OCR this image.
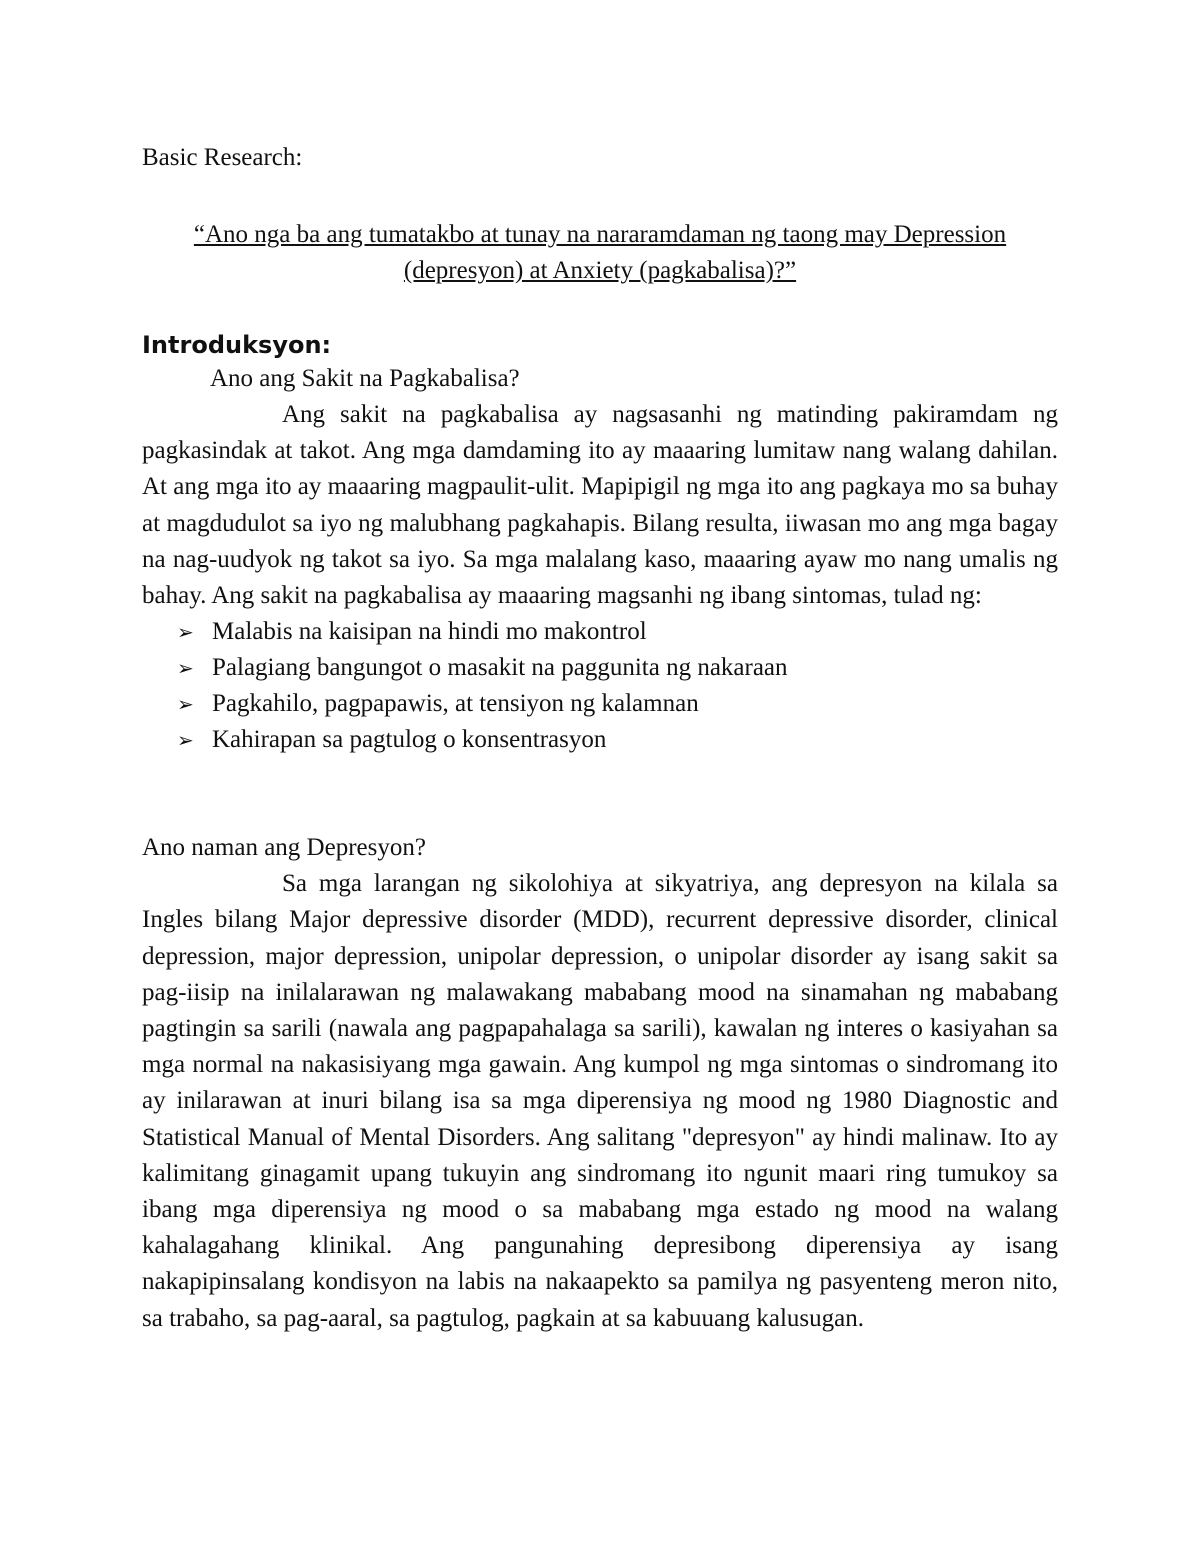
Basic Research:

“Ano nga ba ang tumatakbo at tunay na nararamdaman ng taong may Depression
(depresyon) at Anxiety (pagkabalisa)?”
Introduksyon:

Ano ang Sakit na Pagkabalisa?

Ang sakit na pagkabalisa ay nagsasanhi ng matinding pakiramdam ng pagkasindak at takot. Ang mga damdaming ito ay maaaring lumitaw nang walang dahilan. At ang mga ito ay maaaring magpaulit-ulit. Mapipigil ng mga ito ang pagkaya mo sa buhay at magdudulot sa iyo ng malubhang pagkahapis. Bilang resulta, iiwasan mo ang mga bagay na nag-uudyok ng takot sa iyo. Sa mga malalang kaso, maaaring ayaw mo nang umalis ng bahay. Ang sakit na pagkabalisa ay maaaring magsanhi ng ibang sintomas, tulad ng:

➢ Malabis na kaisipan na hindi mo makontrol
➢ Palagiang bangungot o masakit na paggunita ng nakaraan
➢ Pagkahilo, pagpapawis, at tensiyon ng kalamnan
➢ Kahirapan sa pagtulog o konsentrasyon

Ano naman ang Depresyon?

Sa mga larangan ng sikolohiya at sikyatriya, ang depresyon na kilala sa Ingles bilang Major depressive disorder (MDD), recurrent depressive disorder, clinical depression, major depression, unipolar depression, o unipolar disorder ay isang sakit sa pag-iisip na inilalarawan ng malawakang mababang mood na sinamahan ng mababang pagtingin sa sarili (nawala ang pagpapahalaga sa sarili), kawalan ng interes o kasiyahan sa mga normal na nakasisiyang mga gawain. Ang kumpol ng mga sintomas o sindromang ito ay inilarawan at inuri bilang isa sa mga diperensiya ng mood ng 1980 Diagnostic and Statistical Manual of Mental Disorders. Ang salitang "depresyon" ay hindi malinaw. Ito ay kalimitang ginagamit upang tukuyin ang sindromang ito ngunit maari ring tumukoy sa ibang mga diperensiya ng mood o sa mababang mga estado ng mood na walang kahalagahang klinikal. Ang pangunahing depresibong diperensiya ay isang nakapipinsalang kondisyon na labis na nakaapekto sa pamilya ng pasyenteng meron nito, sa trabaho, sa pag-aaral, sa pagtulog, pagkain at sa kabuuang kalusugan.
